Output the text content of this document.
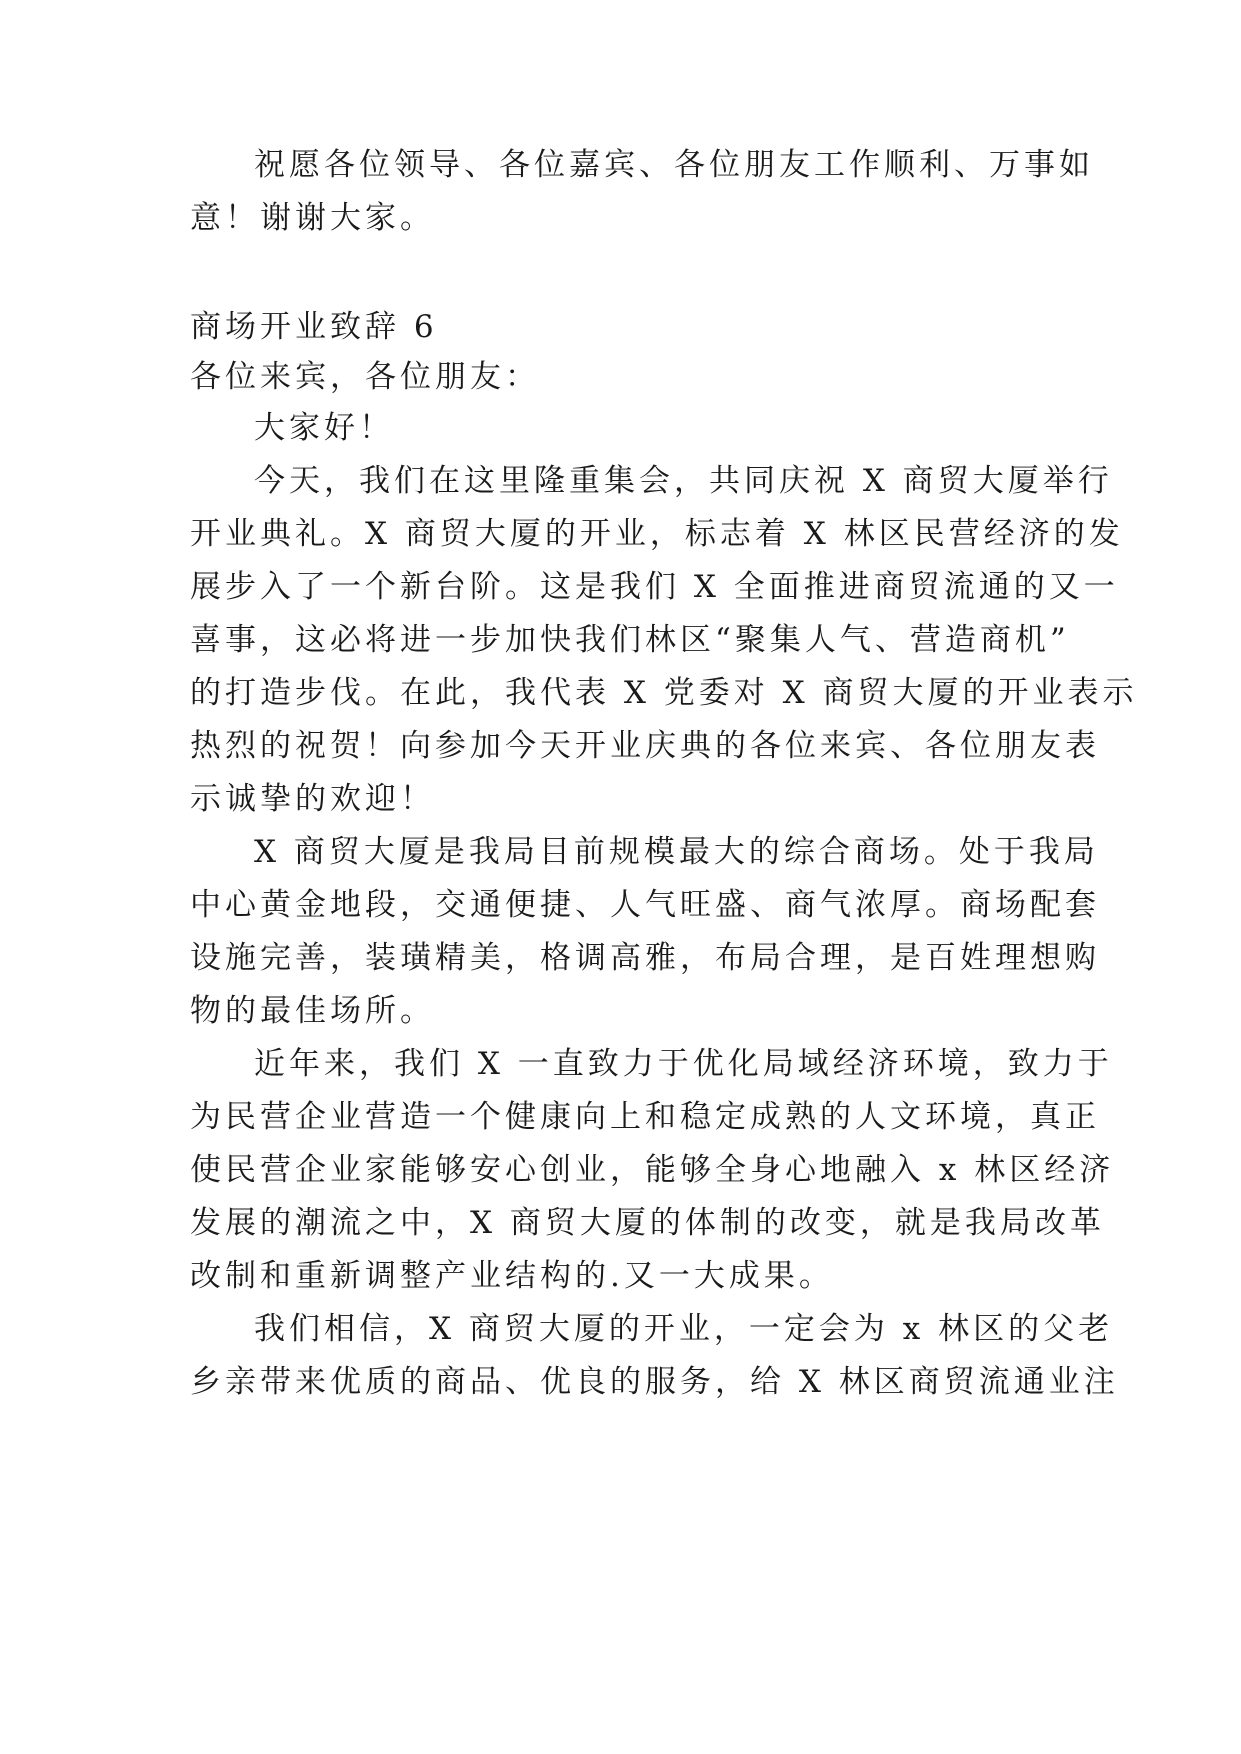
祝愿各位领导、各位嘉宾、各位朋友工作顺利、万事如
意！谢谢大家。
商场开业致辞 6
各位来宾，各位朋友：
大家好！
今天，我们在这里隆重集会，共同庆祝 X 商贸大厦举行
开业典礼。X 商贸大厦的开业，标志着 X 林区民营经济的发
展步入了一个新台阶。这是我们 X 全面推进商贸流通的又一
喜事，这必将进一步加快我们林区“聚集人气、营造商机”
的打造步伐。在此，我代表 X 党委对 X 商贸大厦的开业表示
热烈的祝贺！向参加今天开业庆典的各位来宾、各位朋友表
示诚挚的欢迎！
X 商贸大厦是我局目前规模最大的综合商场。处于我局
中心黄金地段，交通便捷、人气旺盛、商气浓厚。商场配套
设施完善，装璜精美，格调高雅，布局合理，是百姓理想购
物的最佳场所。
近年来，我们 X 一直致力于优化局域经济环境，致力于
为民营企业营造一个健康向上和稳定成熟的人文环境，真正
使民营企业家能够安心创业，能够全身心地融入 x 林区经济
发展的潮流之中，X 商贸大厦的体制的改变，就是我局改革
改制和重新调整产业结构的.又一大成果。
我们相信，X 商贸大厦的开业，一定会为 x 林区的父老
乡亲带来优质的商品、优良的服务，给 X 林区商贸流通业注
